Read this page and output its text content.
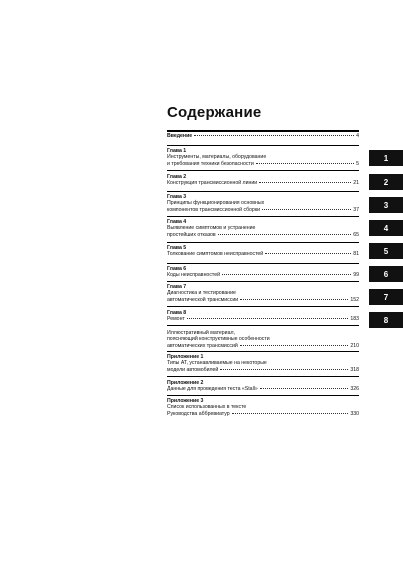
Содержание
Введение	4
Глава 1
Инструменты, материалы, оборудование
и требования техники безопасности	5
Глава 2
Конструкция трансмиссионной линии	21
Глава 3
Принципы функционирования основных
компонентов трансмиссионной сборки	37
Глава 4
Выявление симптомов и устранение
простейших отказов	65
Глава 5
Толкование симптомов неисправностей	81
Глава 6
Коды неисправностей	99
Глава 7
Диагностика и тестирование
автоматической трансмиссии	152
Глава 8
Ремонт	183
Иллюстративный материал,
поясняющий конструктивные особенности
автоматических трансмиссий	210
Приложение 1
Типы АТ, устанавливаемые на некоторые
модели автомобилей	318
Приложение 2
Данные для проведения теста «Stall»	326
Приложение 3
Список использованных в тексте
Руководства аббревиатур	330
1
2
3
4
5
6
7
8
